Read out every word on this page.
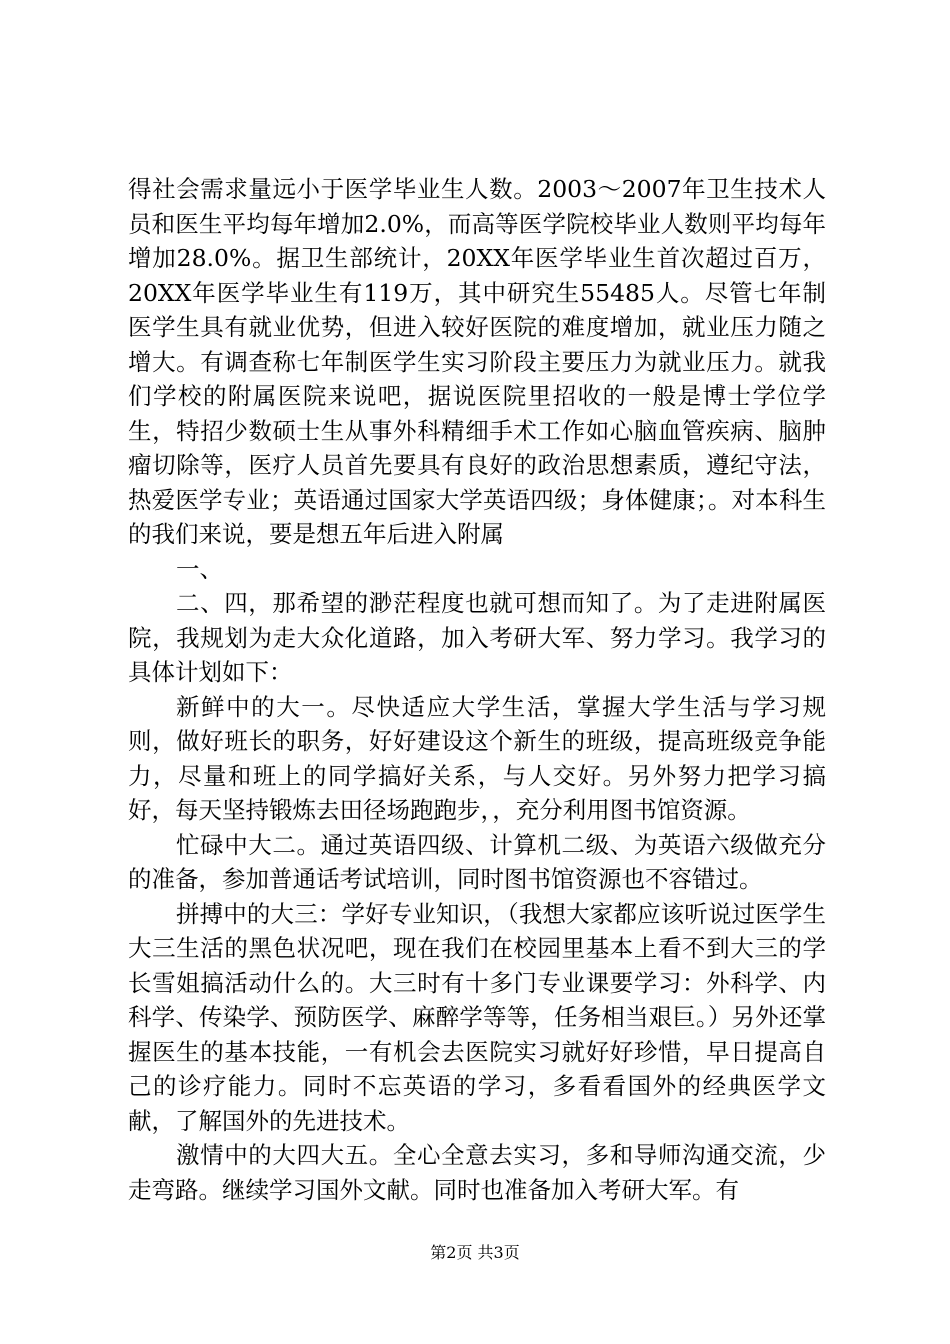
得社会需求量远小于医学毕业生人数。2003～2007年卫生技术人员和医生平均每年增加2.0%，而高等医学院校毕业人数则平均每年增加28.0%。据卫生部统计，20XX年医学毕业生首次超过百万，20XX年医学毕业生有119万，其中研究生55485人。尽管七年制医学生具有就业优势，但进入较好医院的难度增加，就业压力随之增大。有调查称七年制医学生实习阶段主要压力为就业压力。就我们学校的附属医院来说吧，据说医院里招收的一般是博士学位学生，特招少数硕士生从事外科精细手术工作如心脑血管疾病、脑肿瘤切除等，医疗人员首先要具有良好的政治思想素质，遵纪守法，热爱医学专业；英语通过国家大学英语四级；身体健康；。对本科生的我们来说，要是想五年后进入附属

一、

二、四，那希望的渺茫程度也就可想而知了。为了走进附属医院，我规划为走大众化道路，加入考研大军、努力学习。我学习的具体计划如下：

新鲜中的大一。尽快适应大学生活，掌握大学生活与学习规则，做好班长的职务，好好建设这个新生的班级，提高班级竞争能力，尽量和班上的同学搞好关系，与人交好。另外努力把学习搞好，每天坚持锻炼去田径场跑跑步，，充分利用图书馆资源。

忙碌中大二。通过英语四级、计算机二级、为英语六级做充分的准备，参加普通话考试培训，同时图书馆资源也不容错过。

拼搏中的大三：学好专业知识，（我想大家都应该听说过医学生大三生活的黑色状况吧，现在我们在校园里基本上看不到大三的学长雪姐搞活动什么的。大三时有十多门专业课要学习：外科学、内科学、传染学、预防医学、麻醉学等等，任务相当艰巨。）另外还掌握医生的基本技能，一有机会去医院实习就好好珍惜，早日提高自己的诊疗能力。同时不忘英语的学习，多看看国外的经典医学文献，了解国外的先进技术。

激情中的大四大五。全心全意去实习，多和导师沟通交流，少走弯路。继续学习国外文献。同时也准备加入考研大军。有

第2页 共3页
